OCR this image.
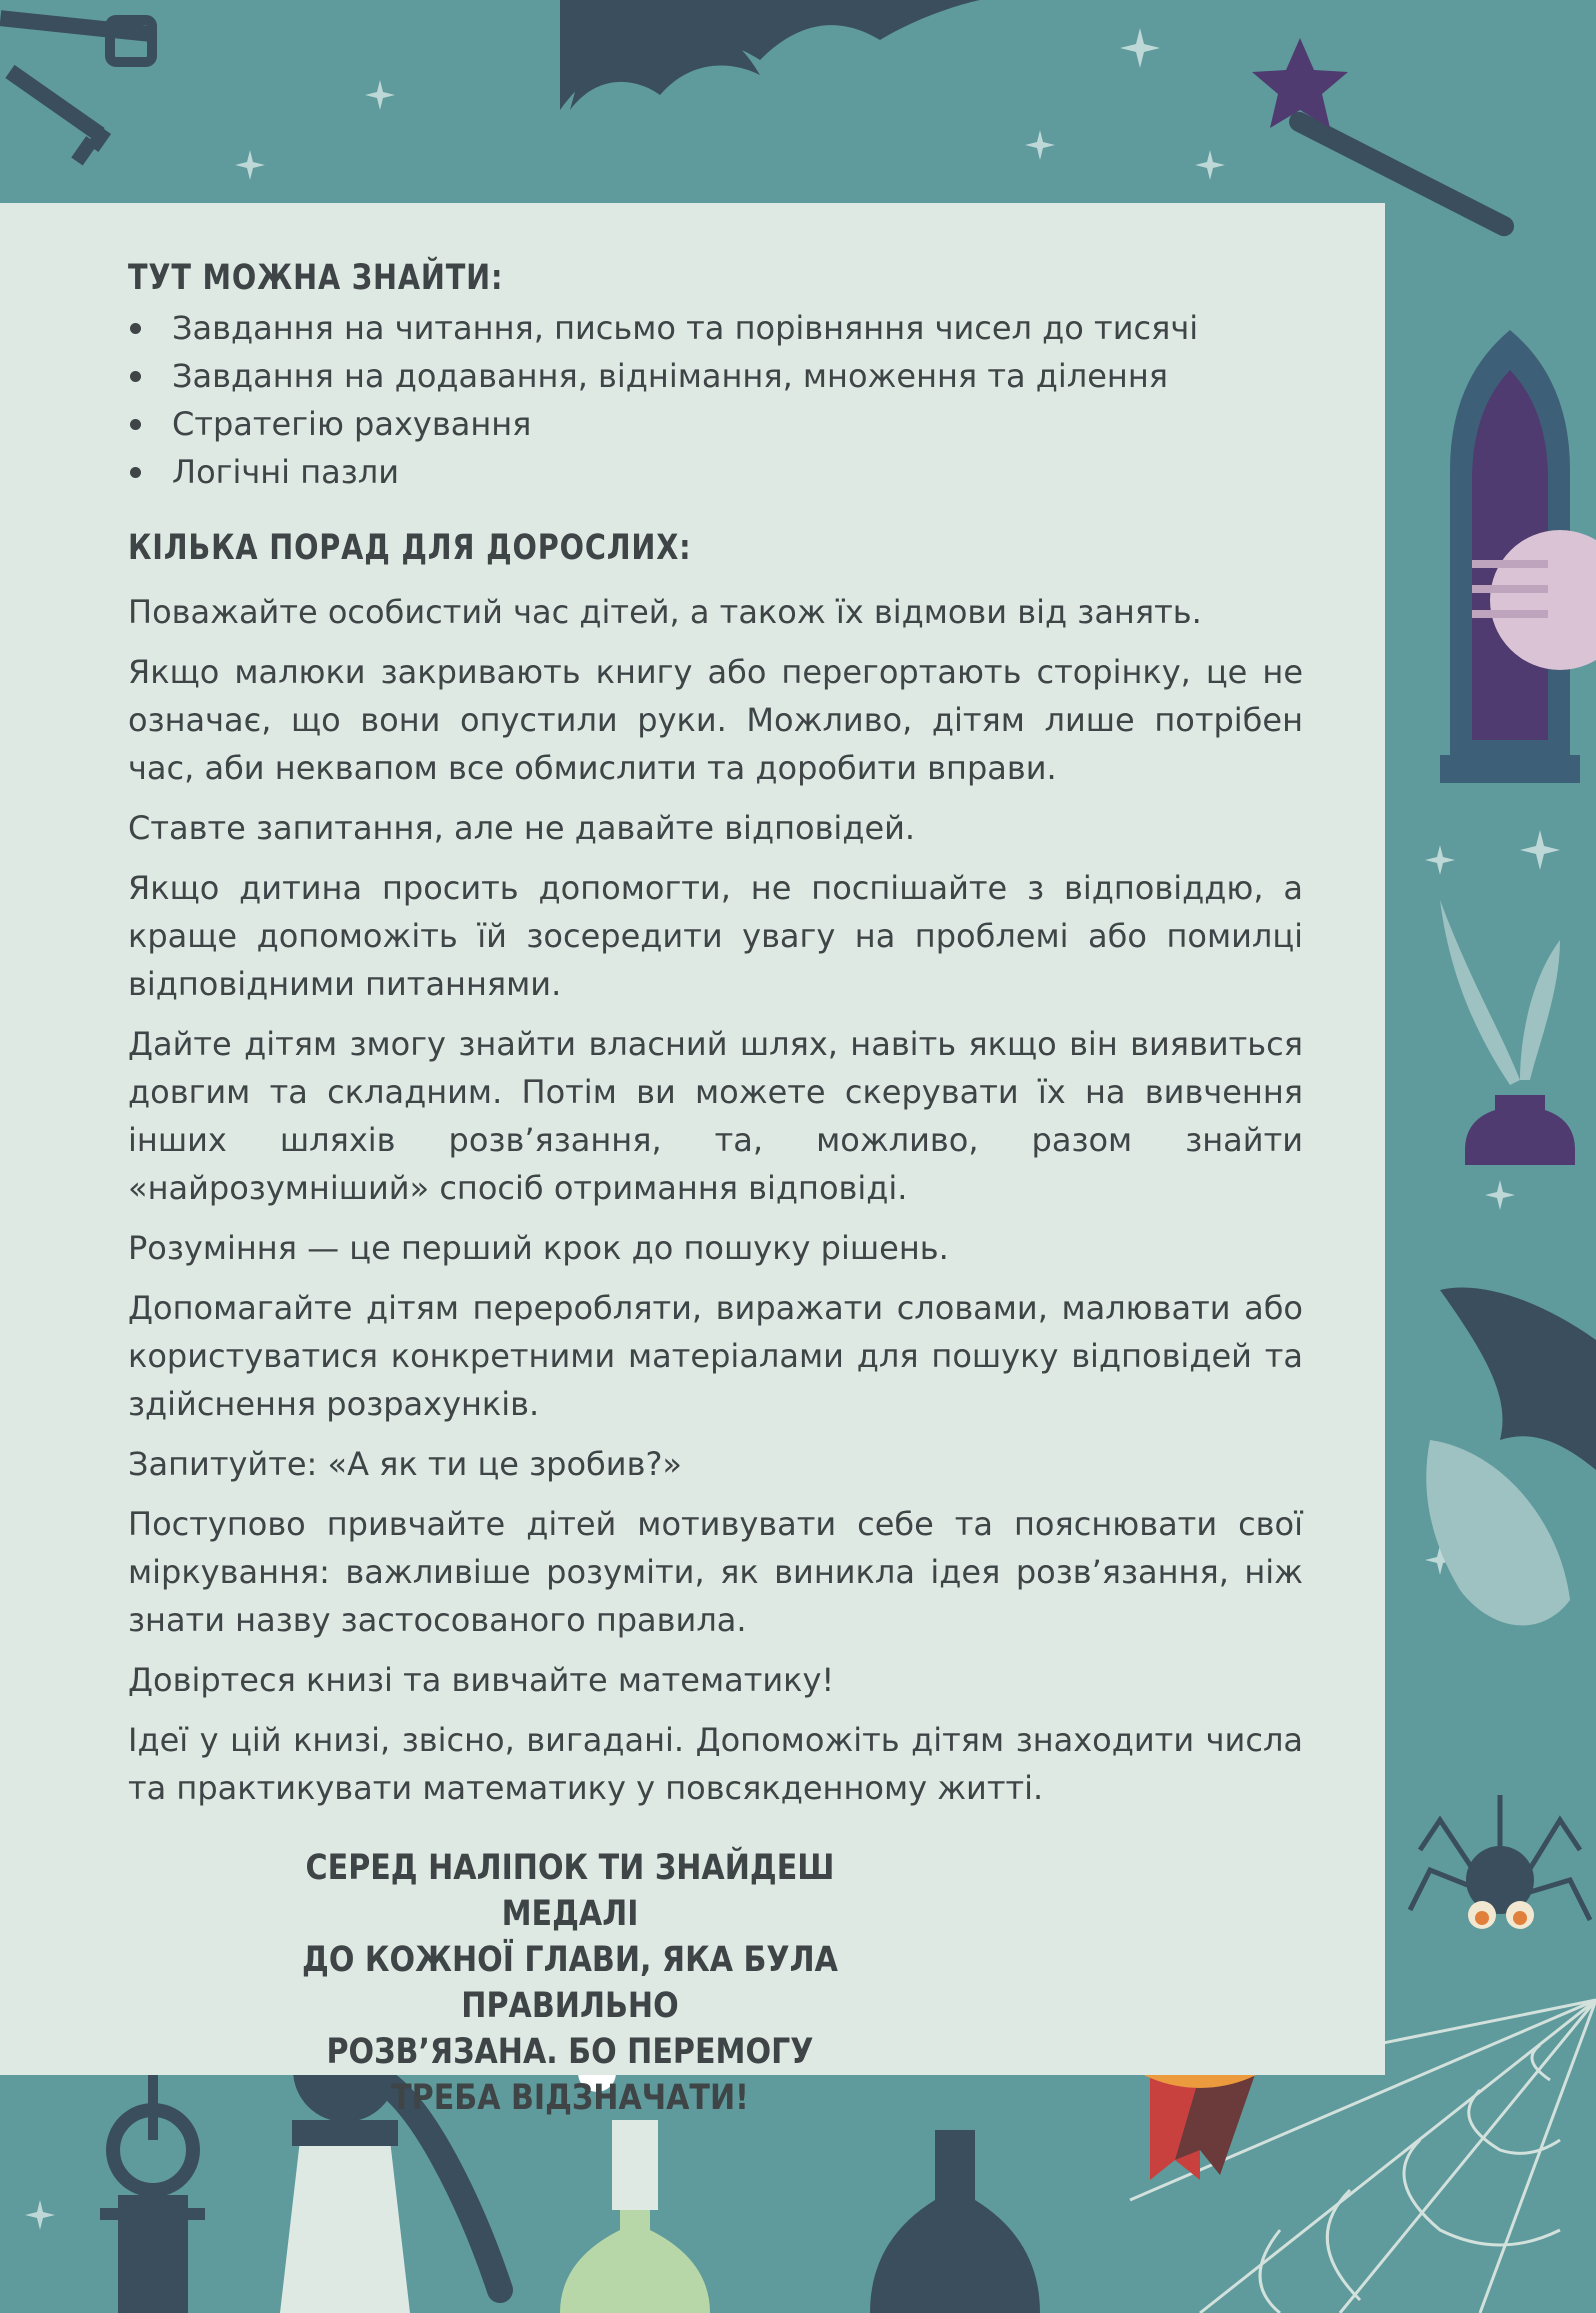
ТУТ МОЖНА ЗНАЙТИ:
Завдання на читання, письмо та порівняння чисел до тисячі
Завдання на додавання, віднімання, множення та ділення
Стратегію рахування
Логічні пазли
КІЛЬКА ПОРАД ДЛЯ ДОРОСЛИХ:

Поважайте особистий час дітей, а також їх відмови від занять.

Якщо малюки закривають книгу або перегортають сторінку, це не означає, що вони опустили руки. Можливо, дітям лише потрібен час, аби неквапом все обмислити та доробити вправи.

Ставте запитання, але не давайте відповідей.

Якщо дитина просить допомогти, не поспішайте з відповіддю, а краще допоможіть їй зосередити увагу на проблемі або помилці відповідними питаннями.

Дайте дітям змогу знайти власний шлях, навіть якщо він виявиться довгим та складним. Потім ви можете скерувати їх на вивчення інших шляхів розв’язання, та, можливо, разом знайти «найрозумніший» спосіб отримання відповіді.

Розуміння — це перший крок до пошуку рішень.

Допомагайте дітям переробляти, виражати словами, малювати або користуватися конкретними матеріалами для пошуку відповідей та здійснення розрахунків.

Запитуйте: «А як ти це зробив?»

Поступово привчайте дітей мотивувати себе та пояснювати свої міркування: важливіше розуміти, як виникла ідея розв’язання, ніж знати назву застосованого правила.

Довіртеся книзі та вивчайте математику!

Ідеї у цій книзі, звісно, вигадані. Допоможіть дітям знаходити числа та практикувати математику у повсякденному житті.

СЕРЕД НАЛІПОК ТИ ЗНАЙДЕШ МЕДАЛІ
ДО КОЖНОЇ ГЛАВИ, ЯКА БУЛА ПРАВИЛЬНО
РОЗВ’ЯЗАНА. БО ПЕРЕМОГУ
ТРЕБА ВІДЗНАЧАТИ!
